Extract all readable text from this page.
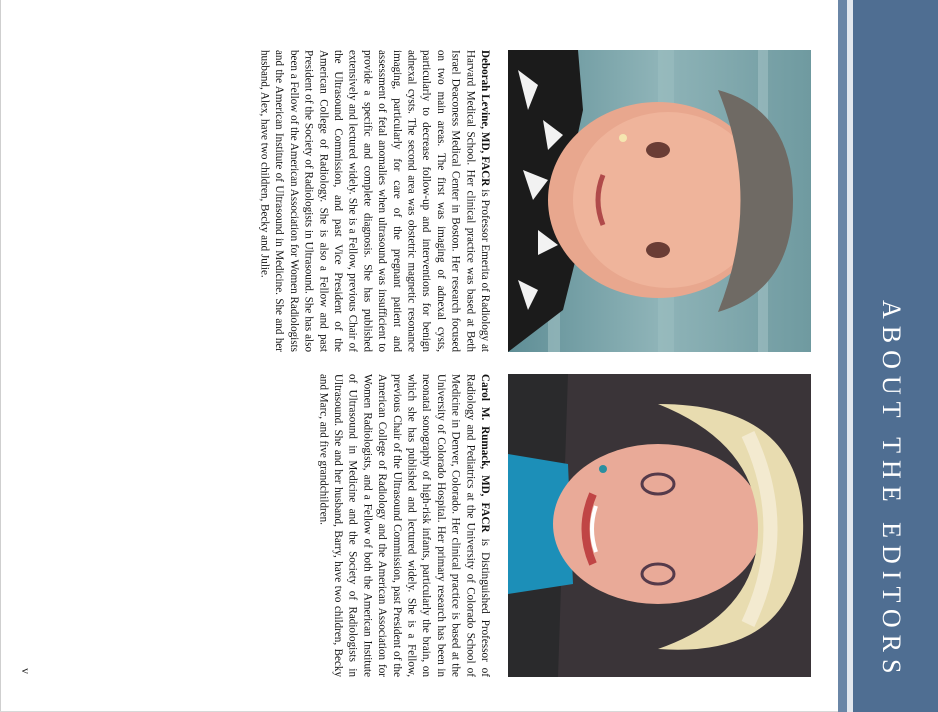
ABOUT THE EDITORS
Deborah Levine, MD, FACR is Professor Emerita of Radiology at Harvard Medical School. Her clinical practice was based at Beth Israel Deaconess Medical Center in Boston. Her research focused on two main areas. The first was imaging of adnexal cysts, particularly to decrease follow-up and interventions for benign adnexal cysts. The second area was obstetric magnetic resonance imaging, particularly for care of the pregnant patient and assessment of fetal anomalies when ultrasound was insufficient to provide a specific and complete diagnosis. She has published extensively and lectured widely. She is a Fellow, previous Chair of the Ultrasound Commission, and past Vice President of the American College of Radiology. She is also a Fellow and past President of the Society of Radiologists in Ultrasound. She has also been a Fellow of the American Association for Women Radiologists and the American Institute of Ultrasound in Medicine. She and her husband, Alex, have two children, Becky and Julie.
Carol M. Rumack, MD, FACR is Distinguished Professor of Radiology and Pediatrics at the University of Colorado School of Medicine in Denver, Colorado. Her clinical practice is based at the University of Colorado Hospital. Her primary research has been in neonatal sonography of high-risk infants, particularly the brain, on which she has published and lectured widely. She is a Fellow, previous Chair of the Ultrasound Commission, past President of the American College of Radiology and the American Association for Women Radiologists, and a Fellow of both the American Institute of Ultrasound in Medicine and the Society of Radiologists in Ultrasound. She and her husband, Barry, have two children, Becky and Marc, and five grandchildren.
v
